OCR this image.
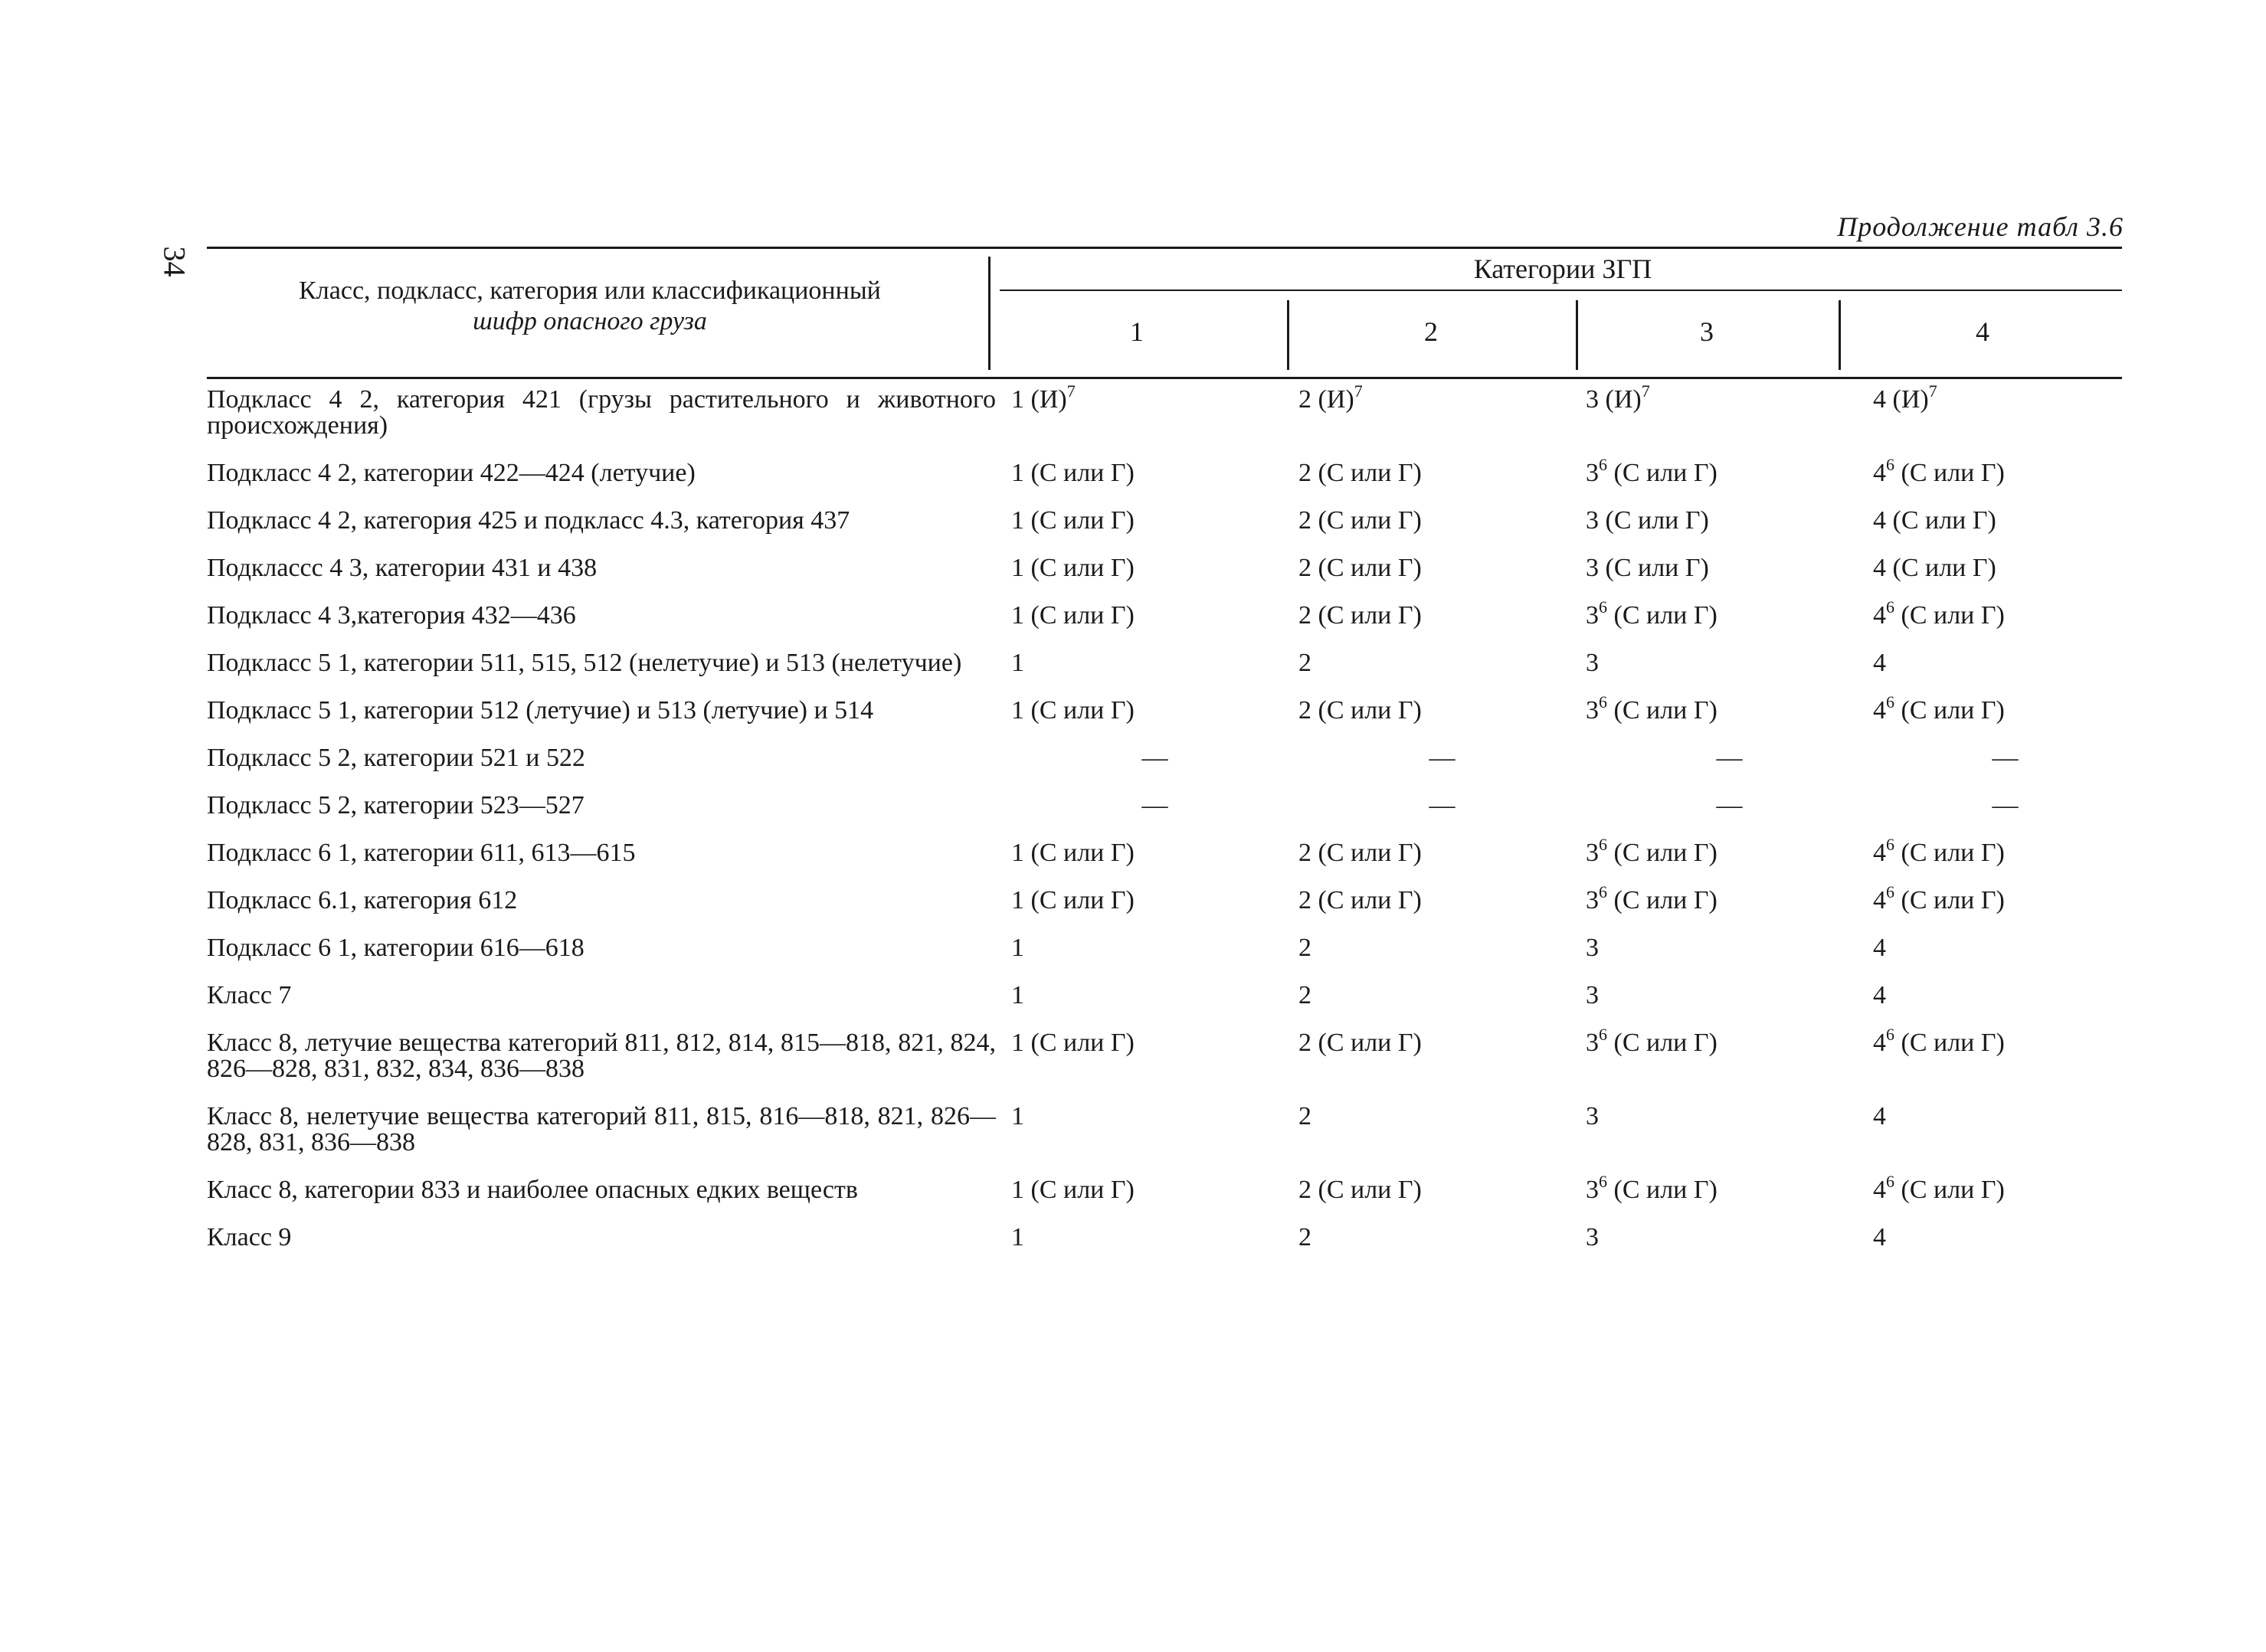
34
Продолжение табл 3.6
Класс, подкласс, категория или классификационный
шифр опасного груза
Категории ЗГП
1	2	3	4
Подкласс 4 2, категория 421 (грузы растительного и животного происхождения)	1 $(И)^7$	2 $(И)^7$	3 $(И)^7$	4 $(И)^7$
Подкласс 4 2, категории 422—424 (летучие)	1 (С или Г)	2 (С или Г)	$3^6$ (С или Г)	$4^6$ (С или Г)
Подкласс 4 2, категория 425 и подкласс 4.3, категория 437	1 (С или Г)	2 (С или Г)	3 (С или Г)	4 (С или Г)
Подклассс 4 3, категории 431 и 438	1 (С или Г)	2 (С или Г)	3 (С или Г)	4 (С или Г)
Подкласс 4 3,категория 432—436	1 (С или Г)	2 (С или Г)	$3^6$ (С или Г)	$4^6$ (С или Г)
Подкласс 5 1, категории 511, 515, 512 (нелетучие) и 513 (нелетучие)	1	2	3	4
Подкласс 5 1, категории 512 (летучие) и 513 (летучие) и 514	1 (С или Г)	2 (С или Г)	$3^6$ (С или Г)	$4^6$ (С или Г)
Подкласс 5 2, категории 521 и 522	—	—	—	—
Подкласс 5 2, категории 523—527	—	—	—	—
Подкласс 6 1, категории 611, 613—615	1 (С или Г)	2 (С или Г)	$3^6$ (С или Г)	$4^6$ (С или Г)
Подкласс 6.1, категория 612	1 (С или Г)	2 (С или Г)	$3^6$ (С или Г)	$4^6$ (С или Г)
Подкласс 6 1, категории 616—618	1	2	3	4
Класс 7	1	2	3	4
Класс 8, летучие вещества категорий 811, 812, 814, 815—818, 821, 824, 826—828, 831, 832, 834, 836—838	1 (С или Г)	2 (С или Г)	$3^6$ (С или Г)	$4^6$ (С или Г)
Класс 8, нелетучие вещества категорий 811, 815, 816—818, 821, 826—828, 831, 836—838	1	2	3	4
Класс 8, категории 833 и наиболее опасных едких веществ	1 (С или Г)	2 (С или Г)	$3^6$ (С или Г)	$4^6$ (С или Г)
Класс 9	1	2	3	4
